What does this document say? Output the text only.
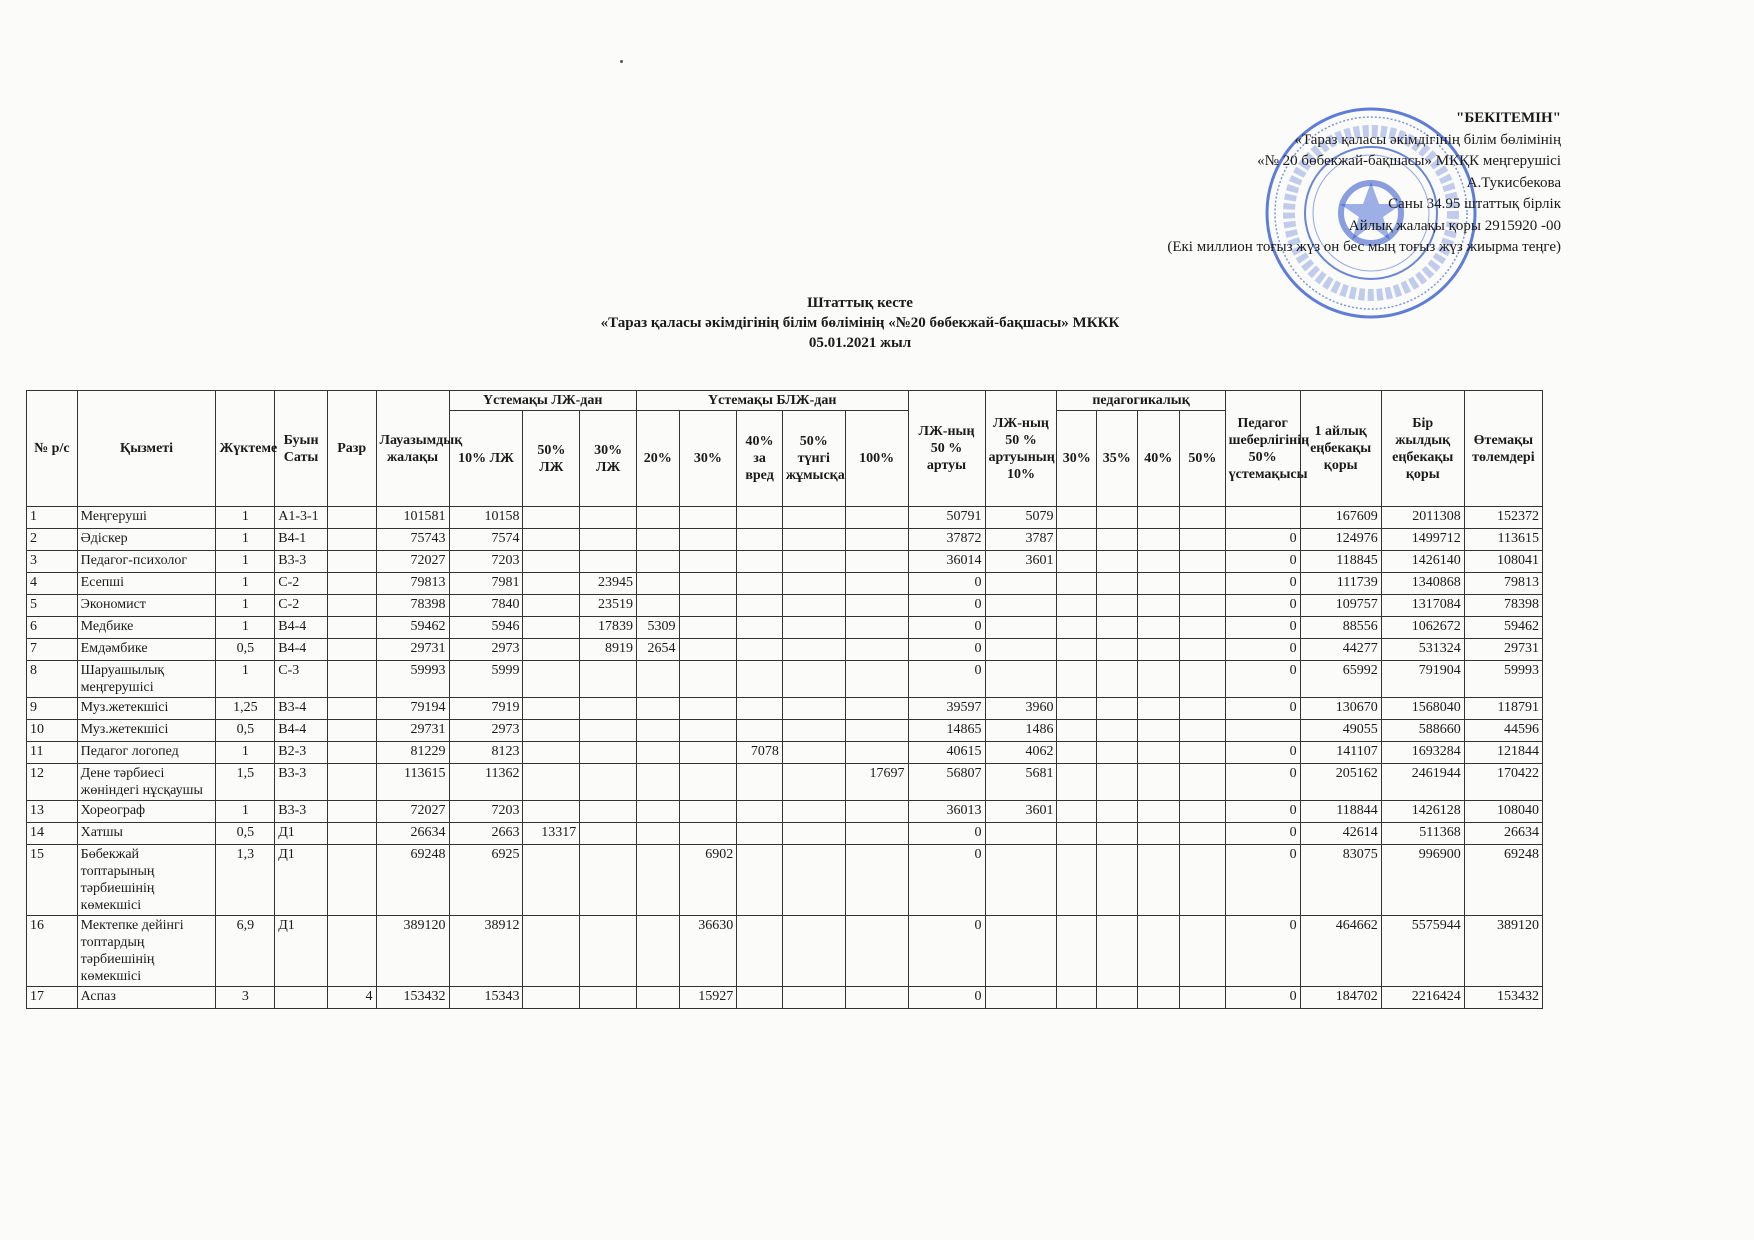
"БЕКІТЕМІН"
«Тараз қаласы әкімдігінің білім бөлімінің
«№ 20 бөбекжай-бақшасы» МКҚК меңгерушісі
А.Тукисбекова
Саны 34.95 штаттық бірлік
Айлық жалақы қоры 2915920 -00
(Екі миллион тоғыз жүз он бес мың тоғыз жүз жиырма теңге)
Штаттық кесте
«Тараз қаласы әкімдігінің білім бөлімінің «№20 бөбекжай-бақшасы» МККК
05.01.2021 жыл
№ р/с	Қызметі	Жүктеме	Буын Саты	Разр	Лауазымдық жалақы	Үстемақы ЛЖ-дан			Үстемақы БЛЖ-дан					ЛЖ-ның 50 % артуы	ЛЖ-ның 50 % артуының 10%	педагогикалық				Педагог шеберлігінің 50% үстемақысы	1 айлық еңбекақы қоры	Бір жылдық еңбекақы қоры	Өтемақы төлемдері
						10% ЛЖ	50% ЛЖ	30% ЛЖ	20%	30%	40% за вред	50% түнгі жұмысқа	100%			30%	35%	40%	50%				
1	Меңгеруші	1	А1-3-1		101581	10158								50791	5079						167609	2011308	152372
2	Әдіскер	1	В4-1		75743	7574								37872	3787					0	124976	1499712	113615
3	Педагог-психолог	1	В3-3		72027	7203								36014	3601					0	118845	1426140	108041
4	Есепші	1	С-2		79813	7981		23945						0						0	111739	1340868	79813
5	Экономист	1	С-2		78398	7840		23519						0						0	109757	1317084	78398
6	Медбике	1	В4-4		59462	5946		17839	5309					0						0	88556	1062672	59462
7	Емдәмбике	0,5	В4-4		29731	2973		8919	2654					0						0	44277	531324	29731
8	Шаруашылық меңгерушісі	1	С-3		59993	5999								0						0	65992	791904	59993
9	Муз.жетекшісі	1,25	В3-4		79194	7919								39597	3960					0	130670	1568040	118791
10	Муз.жетекшісі	0,5	В4-4		29731	2973								14865	1486						49055	588660	44596
11	Педагог логопед	1	В2-3		81229	8123					7078			40615	4062					0	141107	1693284	121844
12	Дене тәрбиесі жөніндегі нұсқаушы	1,5	В3-3		113615	11362							17697	56807	5681					0	205162	2461944	170422
13	Хореограф	1	В3-3		72027	7203								36013	3601					0	118844	1426128	108040
14	Хатшы	0,5	Д1		26634	2663	13317							0						0	42614	511368	26634
15	Бөбекжай топтарының тәрбиешінің көмекшісі	1,3	Д1		69248	6925				6902				0						0	83075	996900	69248
16	Мектепке дейінгі топтардың тәрбиешінің көмекшісі	6,9	Д1		389120	38912				36630				0						0	464662	5575944	389120
17	Аспаз	3		4	153432	15343				15927				0						0	184702	2216424	153432
